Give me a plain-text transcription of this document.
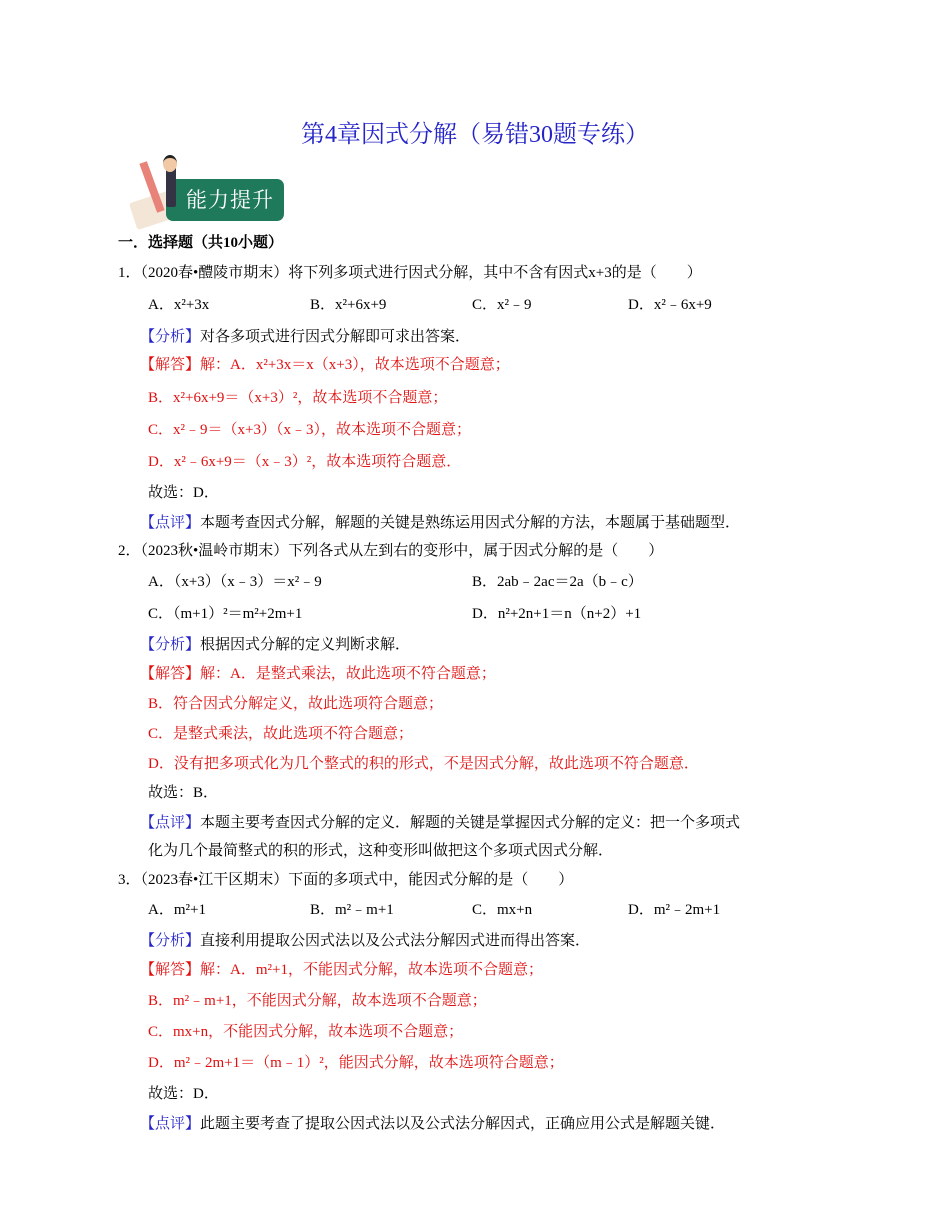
第4章因式分解（易错30题专练）
能力提升
一．选择题（共10小题）
1．（2020春•醴陵市期末）将下列多项式进行因式分解，其中不含有因式x+3的是（　　）
A．x²+3x	B．x²+6x+9	C．x²﹣9	D．x²﹣6x+9
【分析】对各多项式进行因式分解即可求出答案．
【解答】解：A．x²+3x＝x（x+3），故本选项不合题意；
B．x²+6x+9＝（x+3）²，故本选项不合题意；
C．x²﹣9＝（x+3）（x﹣3），故本选项不合题意；
D．x²﹣6x+9＝（x﹣3）²，故本选项符合题意．
故选：D．
【点评】本题考查因式分解，解题的关键是熟练运用因式分解的方法，本题属于基础题型．
2．（2023秋•温岭市期末）下列各式从左到右的变形中，属于因式分解的是（　　）
A．（x+3）（x﹣3）＝x²﹣9	B．2ab﹣2ac＝2a（b﹣c）
C．（m+1）²＝m²+2m+1	D．n²+2n+1＝n（n+2）+1
【分析】根据因式分解的定义判断求解．
【解答】解：A．是整式乘法，故此选项不符合题意；
B．符合因式分解定义，故此选项符合题意；
C．是整式乘法，故此选项不符合题意；
D．没有把多项式化为几个整式的积的形式，不是因式分解，故此选项不符合题意．
故选：B．
【点评】本题主要考查因式分解的定义．解题的关键是掌握因式分解的定义：把一个多项式
化为几个最简整式的积的形式，这种变形叫做把这个多项式因式分解．
3．（2023春•江干区期末）下面的多项式中，能因式分解的是（　　）
A．m²+1	B．m²﹣m+1	C．mx+n	D．m²﹣2m+1
【分析】直接利用提取公因式法以及公式法分解因式进而得出答案．
【解答】解：A．m²+1，不能因式分解，故本选项不合题意；
B．m²﹣m+1，不能因式分解，故本选项不合题意；
C．mx+n，不能因式分解，故本选项不合题意；
D．m²﹣2m+1＝（m﹣1）²，能因式分解，故本选项符合题意；
故选：D．
【点评】此题主要考查了提取公因式法以及公式法分解因式，正确应用公式是解题关键．
